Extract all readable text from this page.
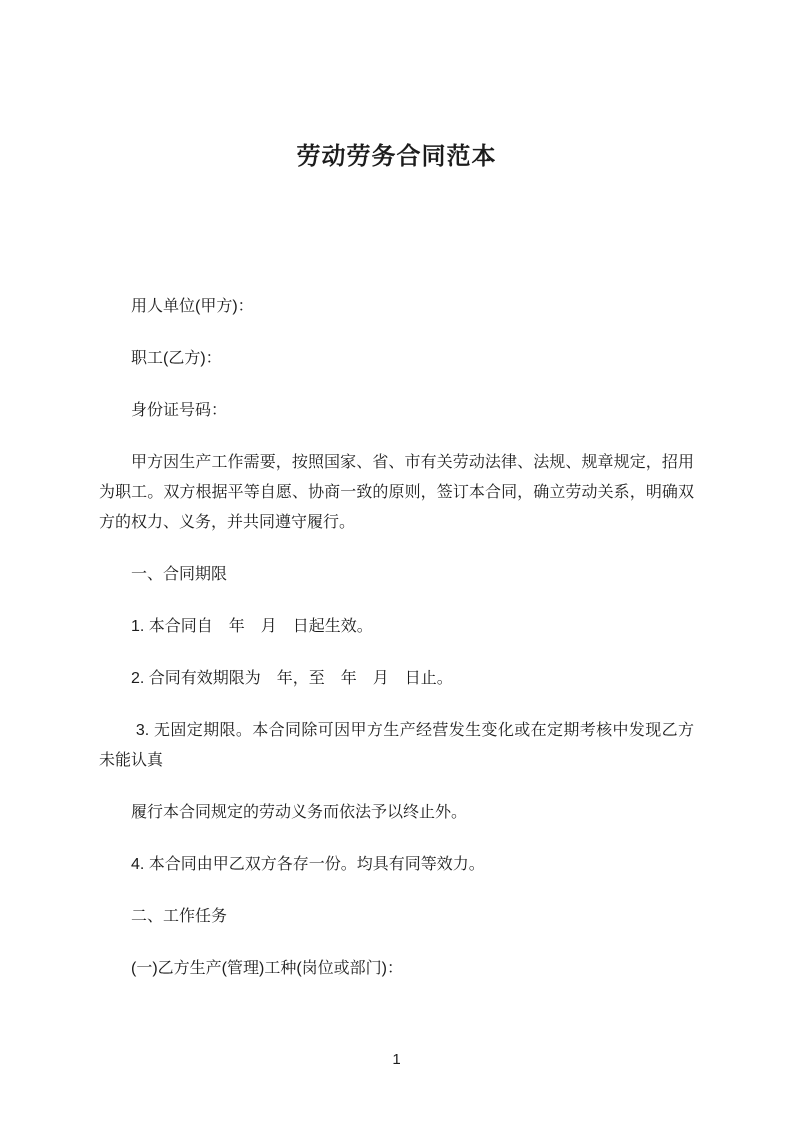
劳动劳务合同范本

用人单位(甲方)：

职工(乙方)：

身份证号码：

甲方因生产工作需要，按照国家、省、市有关劳动法律、法规、规章规定，招用为职工。双方根据平等自愿、协商一致的原则，签订本合同，确立劳动关系，明确双方的权力、义务，并共同遵守履行。

一、合同期限

1. 本合同自　年　月　日起生效。

2. 合同有效期限为　年，至　年　月　日止。

3. 无固定期限。本合同除可因甲方生产经营发生变化或在定期考核中发现乙方未能认真

履行本合同规定的劳动义务而依法予以终止外。

4. 本合同由甲乙双方各存一份。均具有同等效力。

二、工作任务

(一)乙方生产(管理)工种(岗位或部门)：

1
